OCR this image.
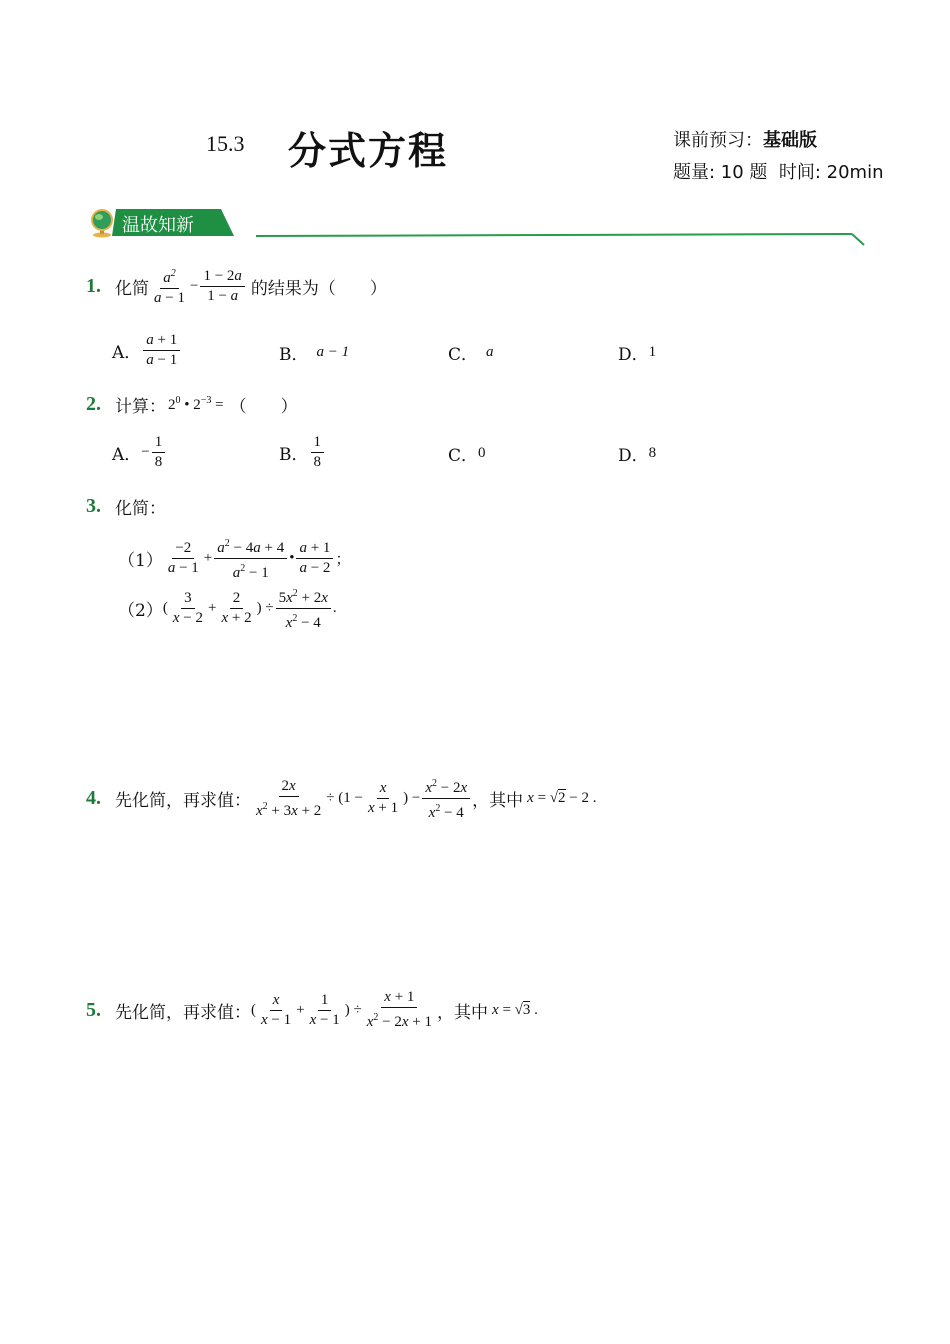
15.3 分式方程	课前预习：基础版
题量: 10 题  时间: 20min
温故知新
1. 化简 $\frac{a^2}{a - 1} - \frac{1 - 2a}{1 - a}$ 的结果为（　　）
A． $\frac{a + 1}{a - 1}$	B． a − 1	C． a	D． 1
2. 计算： $2^0$ • $2^{-3}$ = （　　）
A． − $\frac{1}{8}$	B． $\frac{1}{8}$	C． 0	D． 8
3. 化简：
$(1) \frac{-2}{a - 1} + \frac{a^2 - 4a + 4}{a^2 - 1}$ • $\frac{a + 1}{a - 2}$ ；
（2） ( $\frac{3}{x - 2} + \frac{2}{x + 2}$ ) ÷ $\frac{5x^2 + 2x}{x^2 - 4}$ .
4. 先化简，再求值： $\frac{2x}{x^2 + 3x + 2} \div (1 - \frac{x}{x + 1}$ ) − $\frac{x^2 - 2x}{x^2 - 4}$ ，其中 x = √2 − 2 .
5. 先化简，再求值： ( $\frac{x}{x - 1} + \frac{1}{x - 1}$ ) ÷ $\frac{x + 1}{x^2 - 2x + 1}$ ，其中 x = √3 .
